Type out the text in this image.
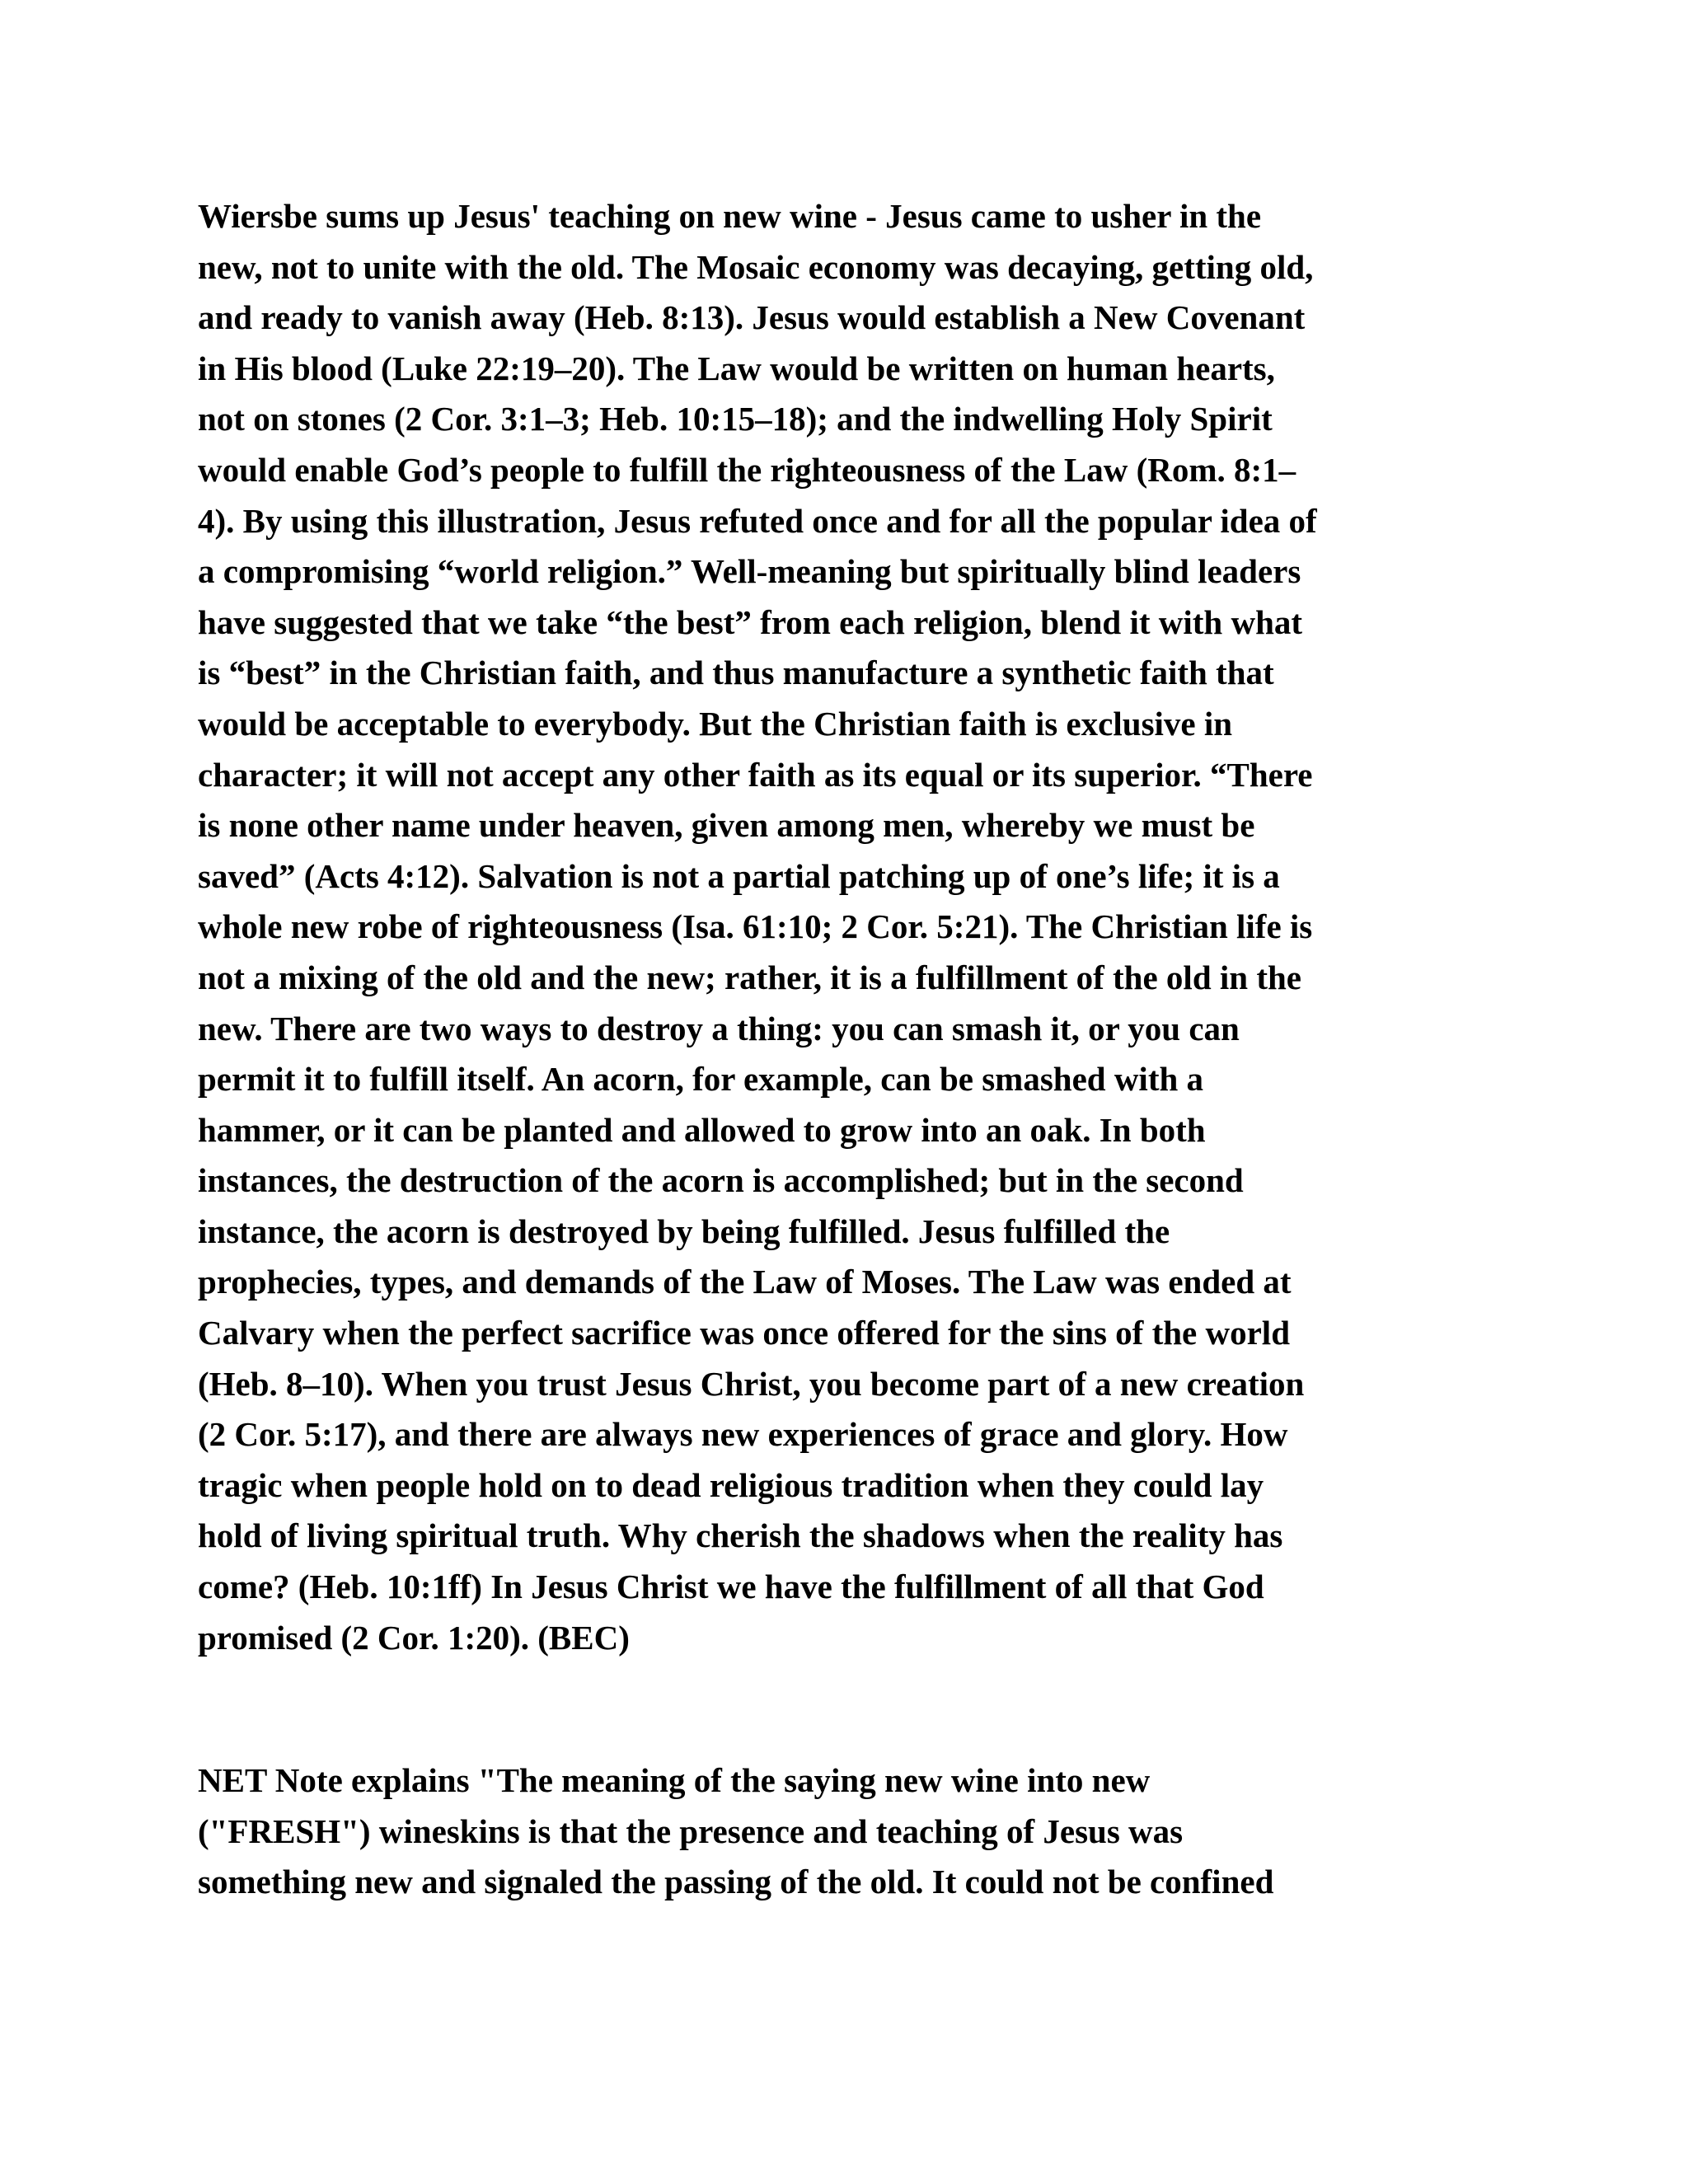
Wiersbe sums up Jesus' teaching on new wine - Jesus came to usher in the
new, not to unite with the old. The Mosaic economy was decaying, getting old,
and ready to vanish away (Heb. 8:13). Jesus would establish a New Covenant
in His blood (Luke 22:19–20). The Law would be written on human hearts,
not on stones (2 Cor. 3:1–3; Heb. 10:15–18); and the indwelling Holy Spirit
would enable God’s people to fulfill the righteousness of the Law (Rom. 8:1–
4). By using this illustration, Jesus refuted once and for all the popular idea of
a compromising “world religion.” Well-meaning but spiritually blind leaders
have suggested that we take “the best” from each religion, blend it with what
is “best” in the Christian faith, and thus manufacture a synthetic faith that
would be acceptable to everybody. But the Christian faith is exclusive in
character; it will not accept any other faith as its equal or its superior. “There
is none other name under heaven, given among men, whereby we must be
saved” (Acts 4:12). Salvation is not a partial patching up of one’s life; it is a
whole new robe of righteousness (Isa. 61:10; 2 Cor. 5:21). The Christian life is
not a mixing of the old and the new; rather, it is a fulfillment of the old in the
new. There are two ways to destroy a thing: you can smash it, or you can
permit it to fulfill itself. An acorn, for example, can be smashed with a
hammer, or it can be planted and allowed to grow into an oak. In both
instances, the destruction of the acorn is accomplished; but in the second
instance, the acorn is destroyed by being fulfilled. Jesus fulfilled the
prophecies, types, and demands of the Law of Moses. The Law was ended at
Calvary when the perfect sacrifice was once offered for the sins of the world
(Heb. 8–10). When you trust Jesus Christ, you become part of a new creation
(2 Cor. 5:17), and there are always new experiences of grace and glory. How
tragic when people hold on to dead religious tradition when they could lay
hold of living spiritual truth. Why cherish the shadows when the reality has
come? (Heb. 10:1ff) In Jesus Christ we have the fulfillment of all that God
promised (2 Cor. 1:20). (BEC)

NET Note explains "The meaning of the saying new wine into new
("FRESH") wineskins is that the presence and teaching of Jesus was
something new and signaled the passing of the old. It could not be confined
